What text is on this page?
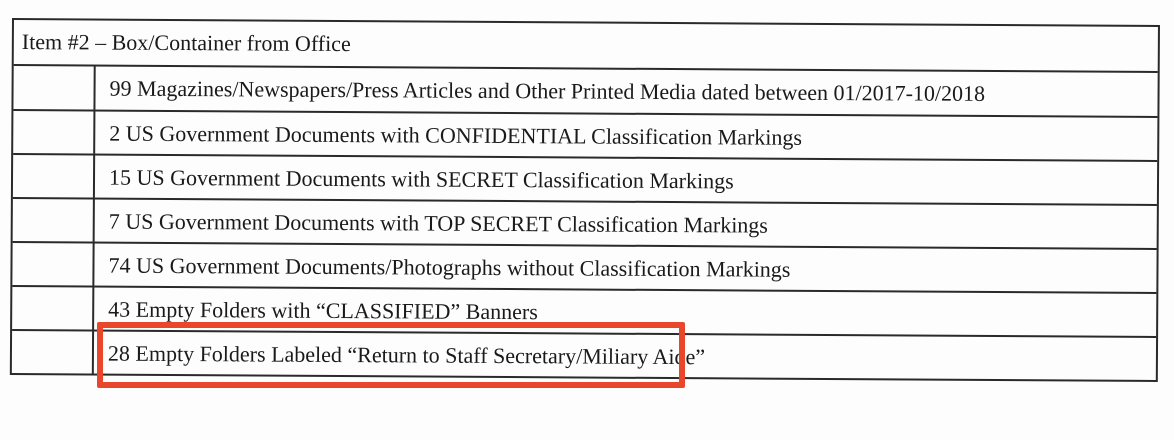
Item #2 – Box/Container from Office
99 Magazines/Newspapers/Press Articles and Other Printed Media dated between 01/2017-10/2018
2 US Government Documents with CONFIDENTIAL Classification Markings
15 US Government Documents with SECRET Classification Markings
7 US Government Documents with TOP SECRET Classification Markings
74 US Government Documents/Photographs without Classification Markings
43 Empty Folders with “CLASSIFIED” Banners
28 Empty Folders Labeled “Return to Staff Secretary/Miliary Aide”
